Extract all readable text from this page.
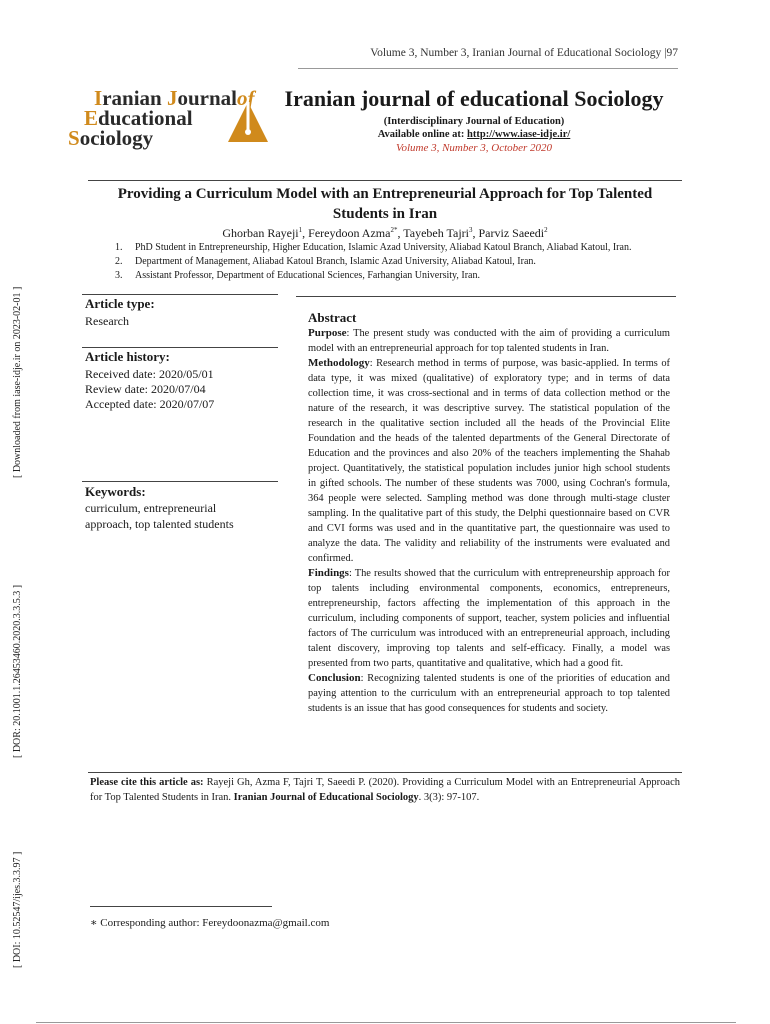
Volume 3, Number 3, Iranian Journal of Educational Sociology |97
Iranian Journalof
Educational
Sociology
Iranian journal of educational Sociology
(Interdisciplinary Journal of Education)
Available online at: http://www.iase-idje.ir/
Volume 3, Number 3, October 2020
Providing a Curriculum Model with an Entrepreneurial Approach for Top Talented Students in Iran
Ghorban Rayeji$^1$, Fereydoon Azma$^{2*}$, Tayebeh Tajri$^3$, Parviz Saeedi$^2$
1. PhD Student in Entrepreneurship, Higher Education, Islamic Azad University, Aliabad Katoul Branch, Aliabad Katoul, Iran.
2. Department of Management, Aliabad Katoul Branch, Islamic Azad University, Aliabad Katoul, Iran.
3. Assistant Professor, Department of Educational Sciences, Farhangian University, Iran.
[ Downloaded from iase-idje.ir on 2023-02-01 ]
[ DOR: 20.1001.1.26453460.2020.3.3.5.3 ]
[ DOI: 10.52547/ijes.3.3.97 ]
Article type:
Research
Article history:
Received date: 2020/05/01
Review date: 2020/07/04
Accepted date: 2020/07/07
Keywords:
curriculum, entrepreneurial
approach, top talented students
Abstract

Purpose: The present study was conducted with the aim of providing a curriculum model with an entrepreneurial approach for top talented students in Iran.

Methodology: Research method in terms of purpose, was basic-applied. In terms of data type, it was mixed (qualitative) of exploratory type; and in terms of data collection time, it was cross-sectional and in terms of data collection method or the nature of the research, it was descriptive survey. The statistical population of the research in the qualitative section included all the heads of the Provincial Elite Foundation and the heads of the talented departments of the General Directorate of Education and the provinces and also 20% of the teachers implementing the Shahab project. Quantitatively, the statistical population includes junior high school students in gifted schools. The number of these students was 7000, using Cochran's formula, 364 people were selected. Sampling method was done through multi-stage cluster sampling. In the qualitative part of this study, the Delphi questionnaire based on CVR and CVI forms was used and in the quantitative part, the questionnaire was used to analyze the data. The validity and reliability of the instruments were evaluated and confirmed.

Findings: The results showed that the curriculum with entrepreneurship approach for top talents including environmental components, economics, entrepreneurs, entrepreneurship, factors affecting the implementation of this approach in the curriculum, including components of support, teacher, system policies and influential factors of The curriculum was introduced with an entrepreneurial approach, including talent discovery, improving top talents and self-efficacy. Finally, a model was presented from two parts, quantitative and qualitative, which had a good fit.

Conclusion: Recognizing talented students is one of the priorities of education and paying attention to the curriculum with an entrepreneurial approach to top talented students is an issue that has good consequences for students and society.

Please cite this article as: Rayeji Gh, Azma F, Tajri T, Saeedi P. (2020). Providing a Curriculum Model with an Entrepreneurial Approach for Top Talented Students in Iran. Iranian Journal of Educational Sociology. 3(3): 97-107.
∗ Corresponding author: Fereydoonazma@gmail.com
